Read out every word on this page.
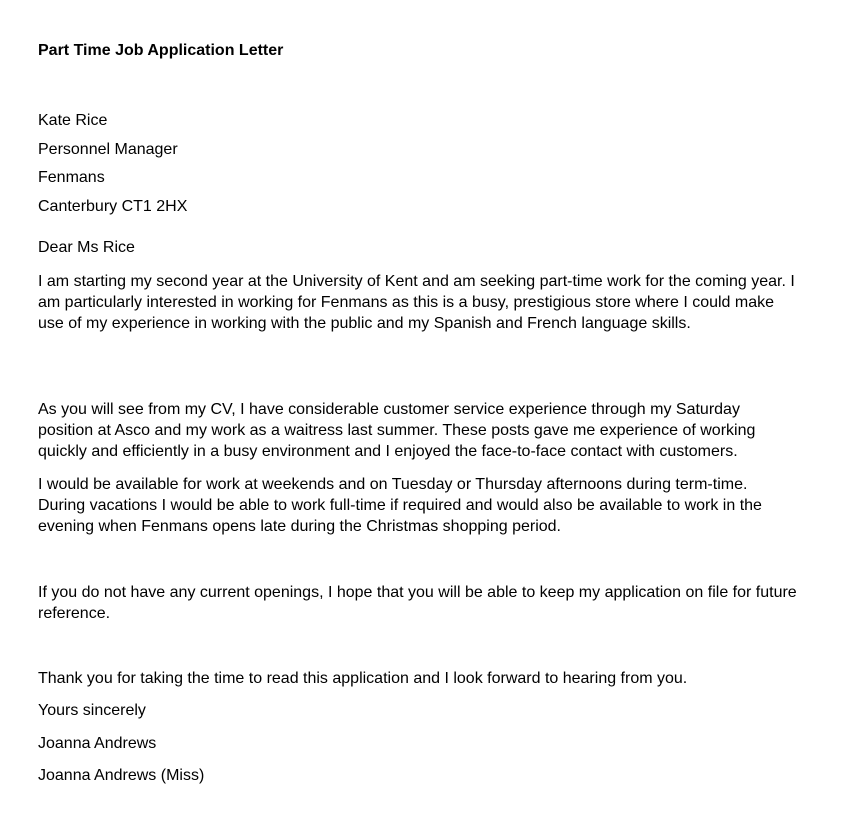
Part Time Job Application Letter
Kate Rice
Personnel Manager
Fenmans
Canterbury CT1 2HX
Dear Ms Rice
I am starting my second year at the University of Kent and am seeking part-time work for the coming year. I am particularly interested in working for Fenmans as this is a busy, prestigious store where I could make use of my experience in working with the public and my Spanish and French language skills.
As you will see from my CV, I have considerable customer service experience through my Saturday position at Asco and my work as a waitress last summer. These posts gave me experience of working quickly and efficiently in a busy environment and I enjoyed the face-to-face contact with customers.
I would be available for work at weekends and on Tuesday or Thursday afternoons during term-time. During vacations I would be able to work full-time if required and would also be available to work in the evening when Fenmans opens late during the Christmas shopping period.
If you do not have any current openings, I hope that you will be able to keep my application on file for future reference.
Thank you for taking the time to read this application and I look forward to hearing from you.
Yours sincerely
Joanna Andrews
Joanna Andrews (Miss)
